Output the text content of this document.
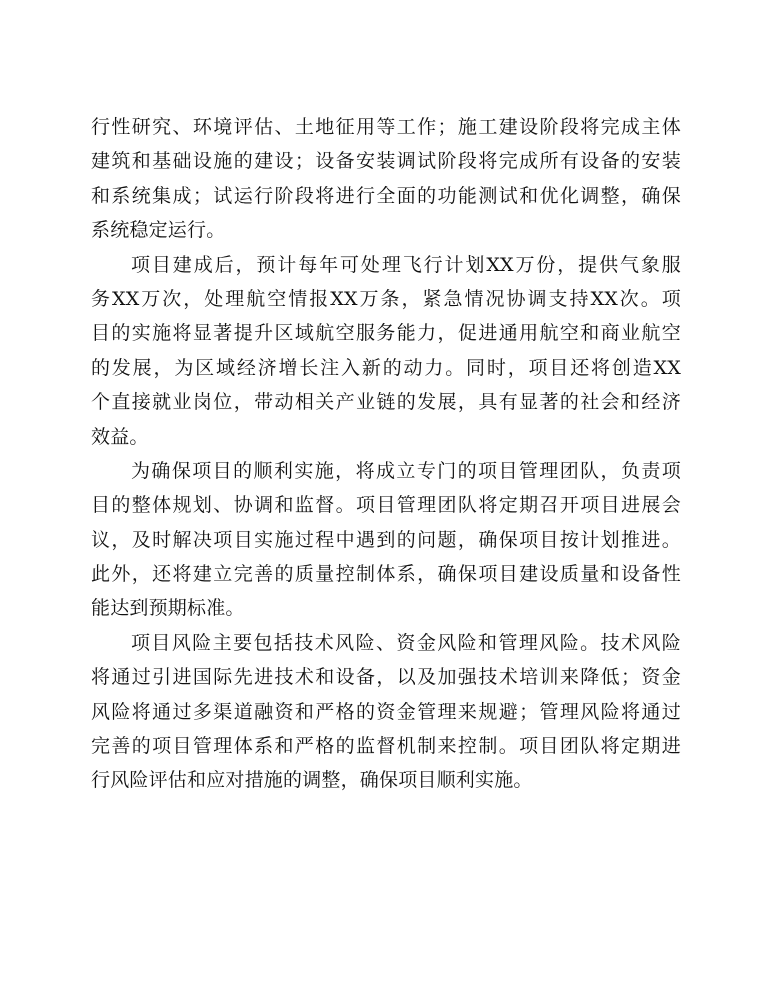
行性研究、环境评估、土地征用等工作；施工建设阶段将完成主体
建筑和基础设施的建设；设备安装调试阶段将完成所有设备的安装
和系统集成；试运行阶段将进行全面的功能测试和优化调整，确保
系统稳定运行。
项目建成后，预计每年可处理飞行计划XX万份，提供气象服
务XX万次，处理航空情报XX万条，紧急情况协调支持XX次。项
目的实施将显著提升区域航空服务能力，促进通用航空和商业航空
的发展，为区域经济增长注入新的动力。同时，项目还将创造XX
个直接就业岗位，带动相关产业链的发展，具有显著的社会和经济
效益。
为确保项目的顺利实施，将成立专门的项目管理团队，负责项
目的整体规划、协调和监督。项目管理团队将定期召开项目进展会
议，及时解决项目实施过程中遇到的问题，确保项目按计划推进。
此外，还将建立完善的质量控制体系，确保项目建设质量和设备性
能达到预期标准。
项目风险主要包括技术风险、资金风险和管理风险。技术风险
将通过引进国际先进技术和设备，以及加强技术培训来降低；资金
风险将通过多渠道融资和严格的资金管理来规避；管理风险将通过
完善的项目管理体系和严格的监督机制来控制。项目团队将定期进
行风险评估和应对措施的调整，确保项目顺利实施。
